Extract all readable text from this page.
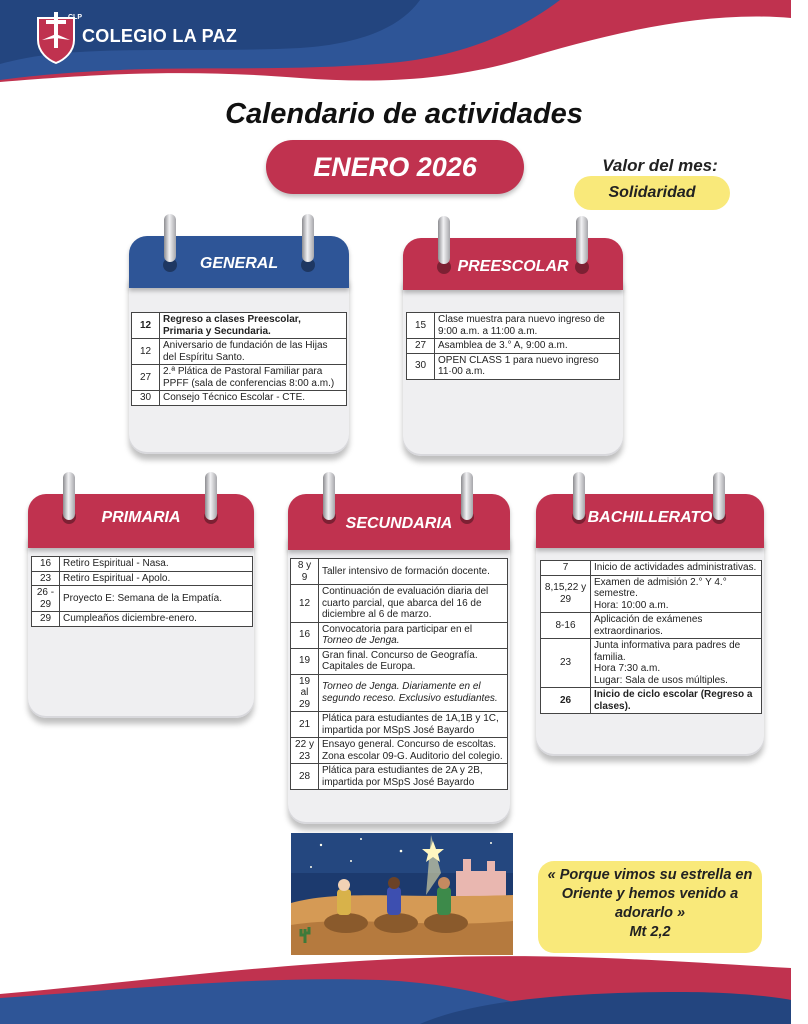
CLP
COLEGIO LA PAZ
Calendario de actividades
ENERO 2026	Valor del mes:
Solidaridad
GENERAL
12	Regreso a clases Preescolar, Primaria y Secundaria.
12	Aniversario de fundación de las Hijas del Espíritu Santo.
27	2.ª Plática de Pastoral Familiar para PPFF (sala de conferencias 8:00 a.m.)
30	Consejo Técnico Escolar - CTE.
PREESCOLAR
15	Clase muestra para nuevo ingreso de 9:00 a.m. a 11:00 a.m.
27	Asamblea de 3.° A, 9:00 a.m.
30	OPEN CLASS 1 para nuevo ingreso 11·00 a.m.
PRIMARIA
16	Retiro Espiritual - Nasa.
23	Retiro Espiritual - Apolo.
26 - 29	Proyecto E: Semana de la Empatía.
29	Cumpleaños diciembre-enero.
SECUNDARIA
8 y 9	Taller intensivo de formación docente.
12	Continuación de evaluación diaria del cuarto parcial, que abarca del 16 de diciembre al 6 de marzo.
16	Convocatoria para participar en el Torneo de Jenga.
19	Gran final. Concurso de Geografía. Capitales de Europa.
19 al 29	Torneo de Jenga. Diariamente en el segundo receso. Exclusivo estudiantes.
21	Plática para estudiantes de 1A,1B y 1C, impartida por MSpS José Bayardo
22 y 23	Ensayo general. Concurso de escoltas. Zona escolar 09-G. Auditorio del colegio.
28	Plática para estudiantes de 2A y 2B, impartida por MSpS José Bayardo
BACHILLERATO
7	Inicio de actividades administrativas.
8,15,22 y 29	Examen de admisión 2.° Y 4.° semestre.
Hora: 10:00 a.m.
8-16	Aplicación de exámenes extraordinarios.
23	Junta informativa para padres de familia.
Hora 7:30 a.m.
Lugar: Sala de usos múltiples.
26	Inicio de ciclo escolar (Regreso a clases).
« Porque vimos su estrella en Oriente y hemos venido a adorarlo »
Mt 2,2
